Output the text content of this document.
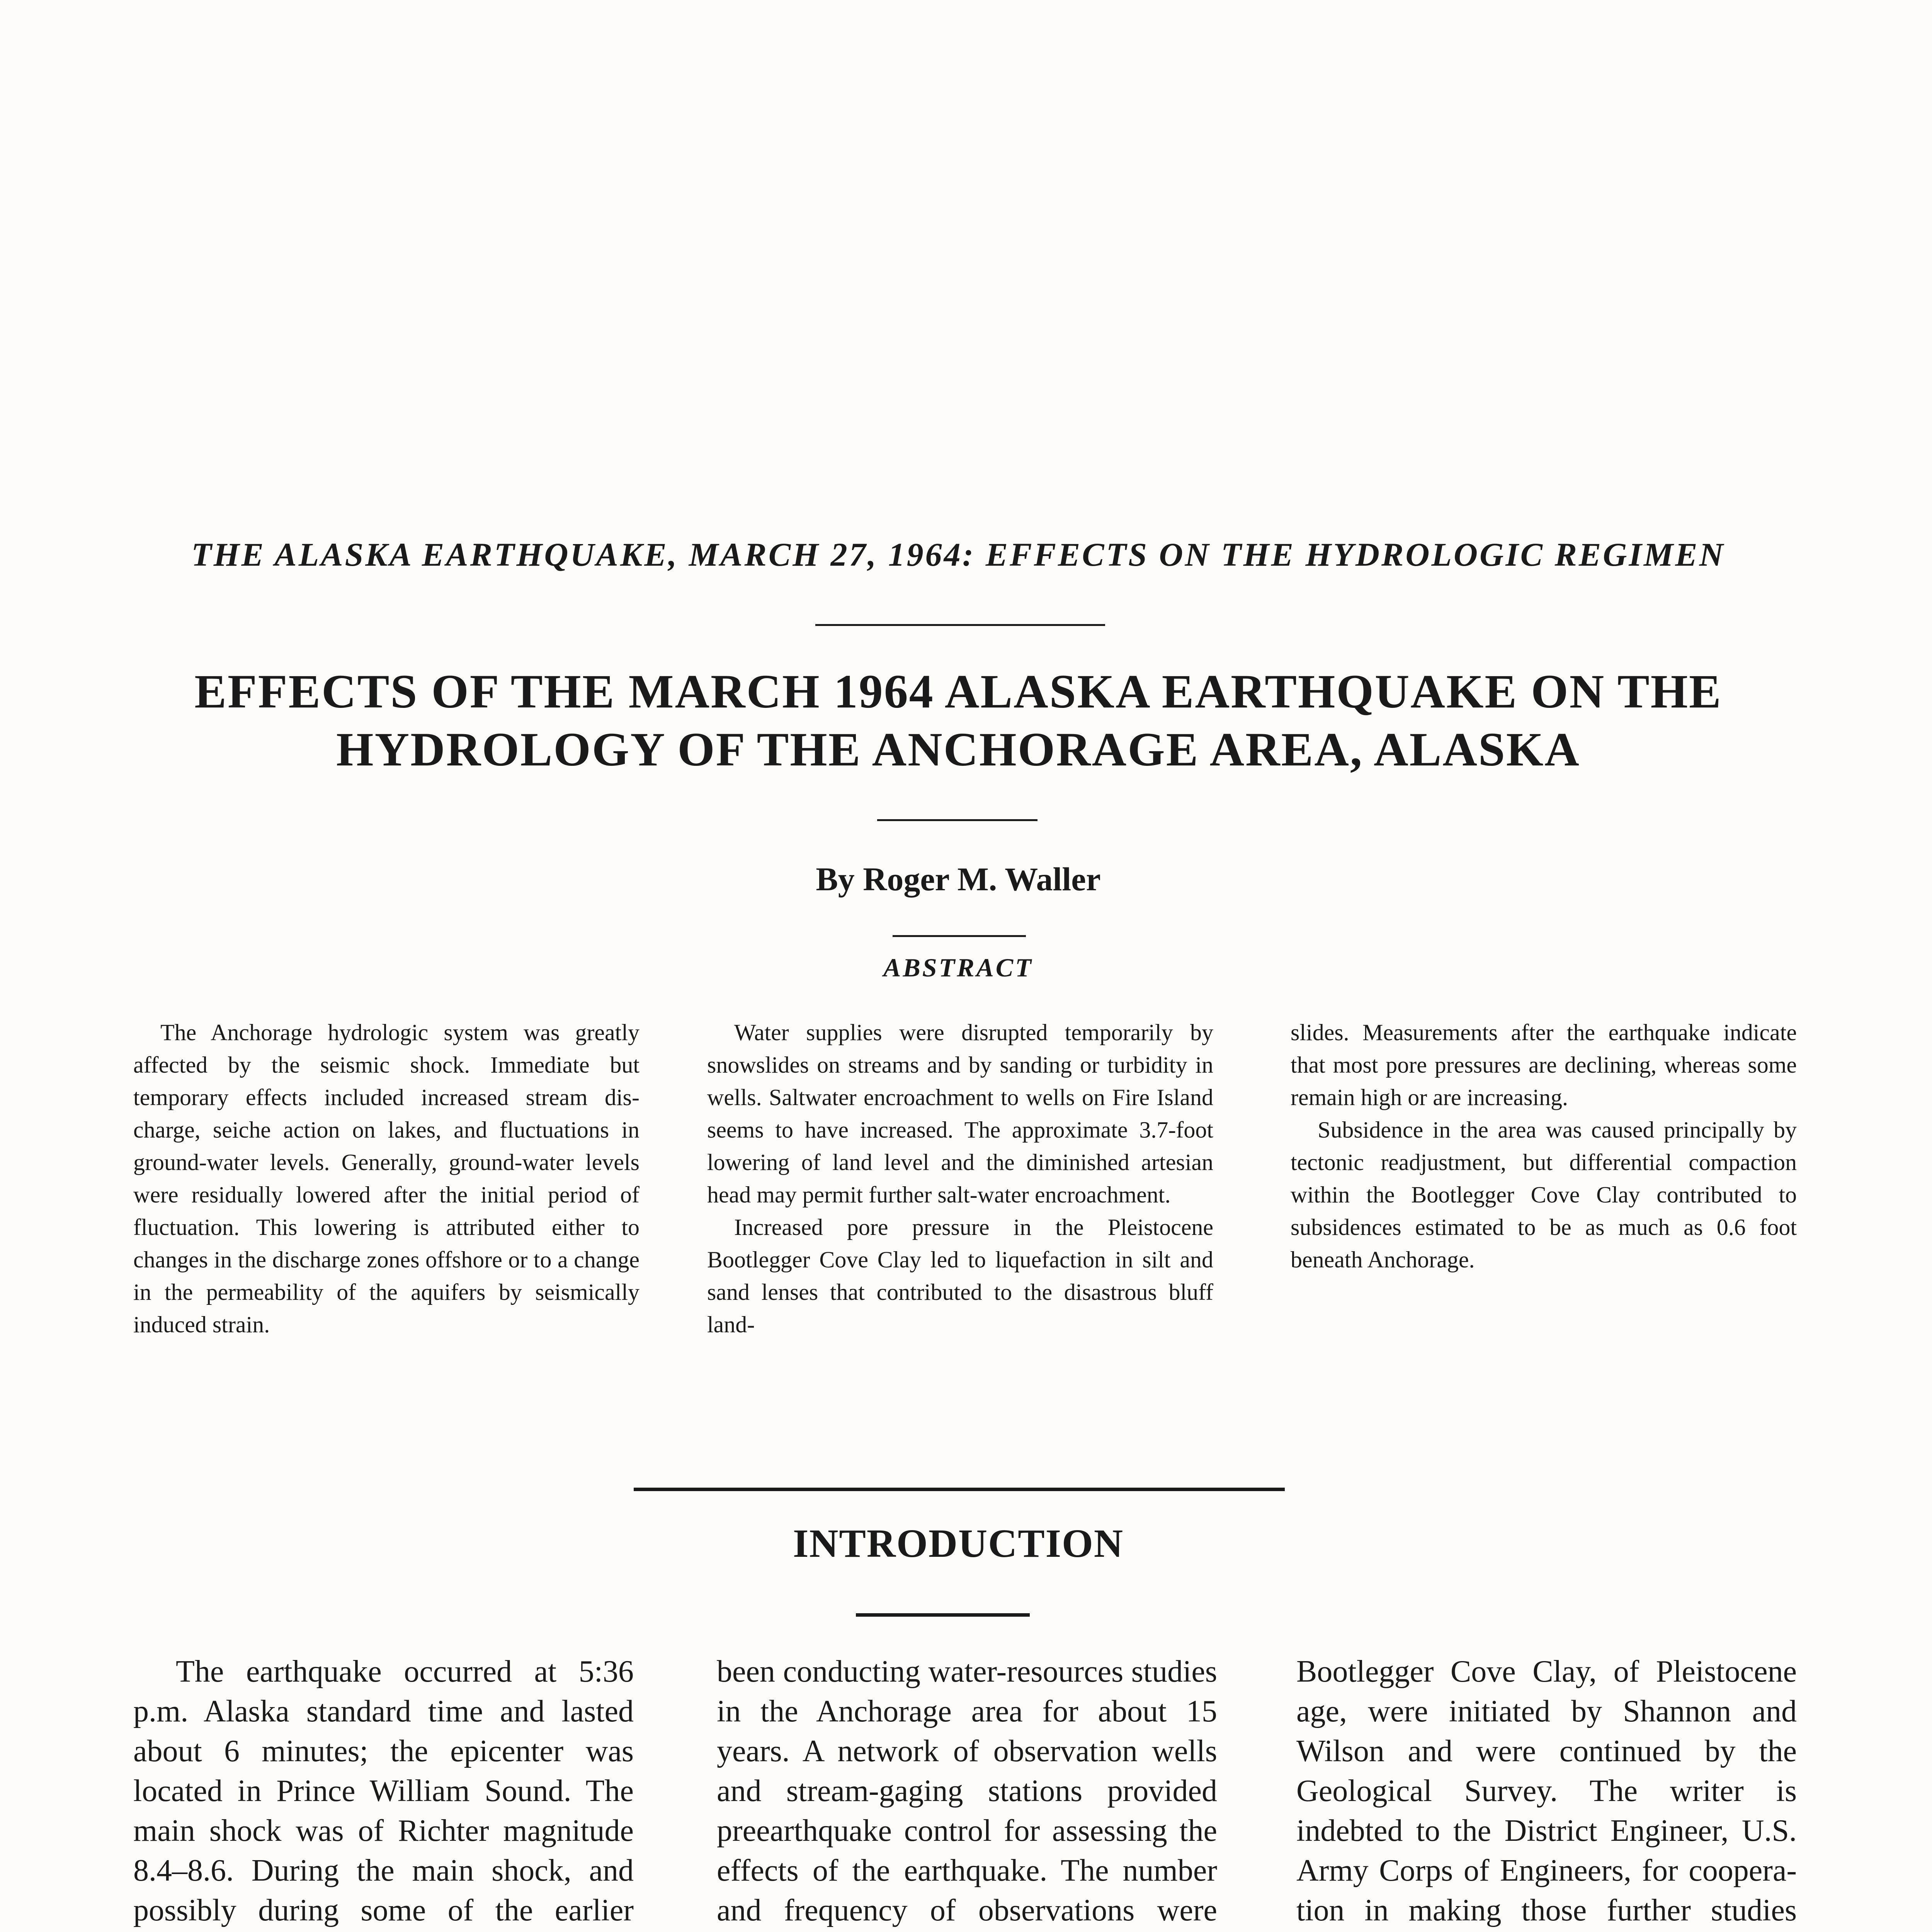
THE ALASKA EARTHQUAKE, MARCH 27, 1964: EFFECTS ON THE HYDROLOGIC REGIMEN
EFFECTS OF THE MARCH 1964 ALASKA EARTHQUAKE ON THE
HYDROLOGY OF THE ANCHORAGE AREA, ALASKA
By Roger M. Waller
ABSTRACT

The Anchorage hydrologic system was greatly affected by the seismic shock. Immediate but temporary effects included increased stream discharge, seiche action on lakes, and fluctuations in ground-water levels. Generally, ground-water levels were residually lowered after the initial period of fluctuation. This lowering is attributed either to changes in the discharge zones offshore or to a change in the permeability of the aquifers by seismically induced strain.

Water supplies were disrupted temporarily by snowslides on streams and by sanding or turbidity in wells. Saltwater encroachment to wells on Fire Island seems to have increased. The approximate 3.7-foot lowering of land level and the diminished artesian head may permit further salt-water encroachment.

Increased pore pressure in the Pleistocene Bootlegger Cove Clay led to liquefaction in silt and sand lenses that contributed to the disastrous bluff land-

slides. Measurements after the earthquake indicate that most pore pressures are declining, whereas some remain high or are increasing.

Subsidence in the area was caused principally by tectonic readjustment, but differential compaction within the Bootlegger Cove Clay contributed to subsidences estimated to be as much as 0.6 foot beneath Anchorage.

INTRODUCTION

The earthquake occurred at 5:36 p.m. Alaska standard time and lasted about 6 minutes; the epicenter was located in Prince William Sound. The main shock was of Richter magnitude 8.4–8.6. During the main shock, and possibly during some of the earlier

been conducting water-resources studies in the Anchorage area for about 15 years. A network of observation wells and stream-gaging stations provided preearthquake control for assessing the effects of the earthquake. The number and frequency of observations were

Bootlegger Cove Clay, of Pleistocene age, were initiated by Shannon and Wilson and were continued by the Geological Survey. The writer is indebted to the District Engineer, U.S. Army Corps of Engineers, for cooperation in making those further studies
